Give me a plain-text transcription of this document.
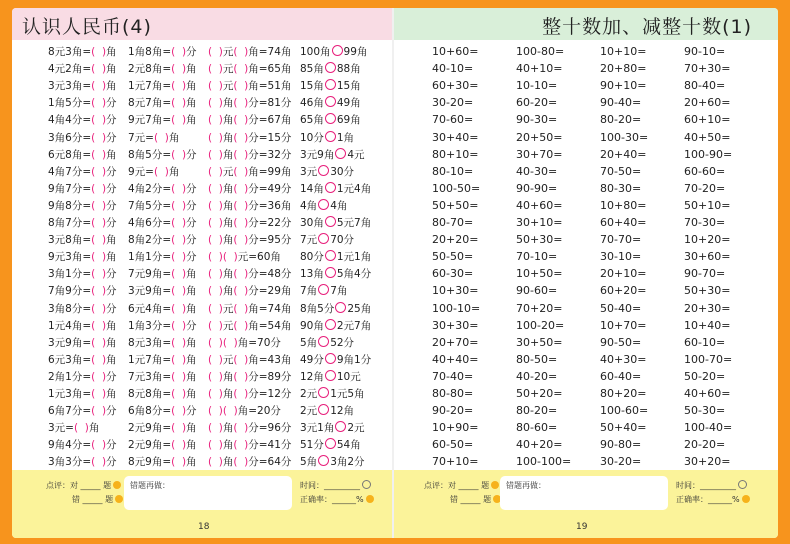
认识人民币(4)
8元3角=(  )角 1角8角=(  )分 (  )元(  )角=74角 100角 99角
4元2角=(  )角 2元8角=(  )角 (  )元(  )角=65角 85角 88角
3元3角=(  )角 1元7角=(  )角 (  )元(  )角=51角 15角 15角
1角5分=(  )分 8元7角=(  )角 (  )角(  )分=81分 46角 49角
4角4分=(  )分 9元7角=(  )角 (  )角(  )分=67角 65角 69角
3角6分=(  )分 7元=(  )角	(  )角(  )分=15分 10分 1角
6元8角=(  )角 8角5分=(  )分 (  )角(  )分=32分 3元9角 4元
4角7分=(  )分 9元=(  )角	(  )元(  )角=99角 3元 30分
9角7分=(  )分 4角2分=(  )分 (  )角(  )分=49分 14角 1元4角
9角8分=(  )分 7角5分=(  )分 (  )角(  )分=36角 4角 4角
8角7分=(  )分 4角6分=(  )分 (  )角(  )分=22分 30角 5元7角
3元8角=(  )角 8角2分=(  )分 (  )角(  )分=95分 7元 70分
9元3角=(  )角 1角1分=(  )分 (  )(  )元=60角 80分 1元1角
3角1分=(  )分 7元9角=(  )角 (  )角(  )分=48分 13角 5角4分
7角9分=(  )分 3元9角=(  )角 (  )角(  )分=29角 7角 7角
3角8分=(  )分 6元4角=(  )角 (  )元(  )角=74角 8角5分 25角
1元4角=(  )角 1角3分=(  )分 (  )元(  )角=54角 90角 2元7角
3元9角=(  )角 8元3角=(  )角 (  )(  )角=70分 5角 52分
6元3角=(  )角 1元7角=(  )角 (  )元(  )角=43角 49分 9角1分
2角1分=(  )分 7元3角=(  )角 (  )角(  )分=89分 12角 10元
1元3角=(  )角 8元8角=(  )角 (  )角(  )分=12分 2元 1元5角
6角7分=(  )分 6角8分=(  )分 (  )(  )角=20分 2元 12角
3元=(  )角	2元9角=(  )角 (  )角(  )分=96分 3元1角 2元
9角4分=(  )分 2元9角=(  )角 (  )角(  )分=41分 51分 54角
3角3分=(  )分 8元9角=(  )角 (  )角(  )分=64分 5角 3角2分
点评：对 _____ 题
错 _____ 题
错题再做：	时间：_________
正确率：______%
18
整十数加、减整十数(1)
10+60=	100-80=	10+10=	90-10=
40-10=	40+10=	20+80=	70+30=
60+30=	10-10=	90+10=	80-40=
30-20=	60-20=	90-40=	20+60=
70-60=	90-30=	80-20=	60+10=
30+40=	20+50=	100-30=	40+50=
80+10=	30+70=	20+40=	100-90=
80-10=	40-30=	70-50=	60-60=
100-50=	90-90=	80-30=	70-20=
50+50=	40+60=	10+80=	50+10=
80-70=	30+10=	60+40=	70-30=
20+20=	50+30=	70-70=	10+20=
50-50=	70-10=	30-10=	30+60=
60-30=	10+50=	20+10=	90-70=
10+30=	90-60=	60+20=	50+30=
100-10=	70+20=	50-40=	20+30=
30+30=	100-20=	10+70=	10+40=
20+70=	30+50=	90-50=	60-10=
40+40=	80-50=	40+30=	100-70=
70-40=	40-20=	60-40=	50-20=
80-80=	50+20=	80+20=	40+60=
90-20=	80-20=	100-60=	50-30=
10+90=	80-60=	50+40=	100-40=
60-50=	40+20=	90-80=	20-20=
70+10=	100-100=	30-20=	30+20=
点评：对 _____ 题
错 _____ 题
错题再做：	时间：_________
正确率：______%
19
